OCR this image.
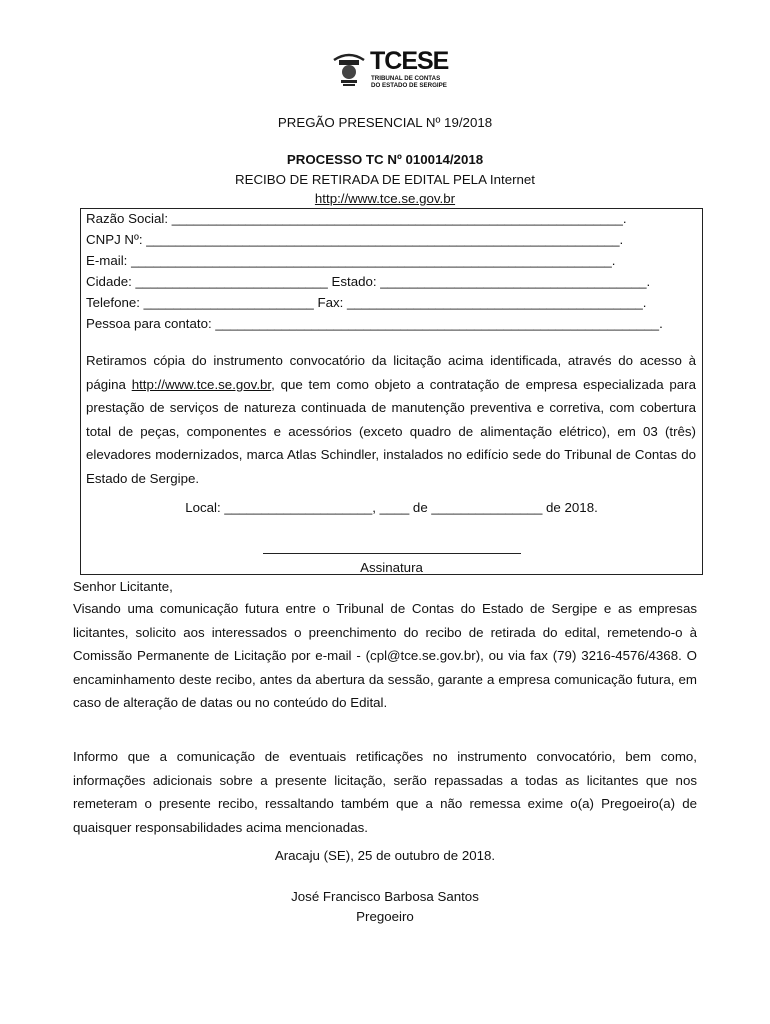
TCESE
TRIBUNAL DE CONTAS
DO ESTADO DE SERGIPE
PREGÃO PRESENCIAL Nº 19/2018
PROCESSO TC Nº 010014/2018
RECIBO DE RETIRADA DE EDITAL PELA Internet
http://www.tce.se.gov.br
Razão Social: _____________________________________________________________.
CNPJ Nº: ________________________________________________________________.
E-mail: _________________________________________________________________.
Cidade: __________________________ Estado: ____________________________________.
Telefone: _______________________ Fax: ________________________________________.
Pessoa para contato: ____________________________________________________________.
Retiramos cópia do instrumento convocatório da licitação acima identificada, através do acesso à página http://www.tce.se.gov.br, que tem como objeto a contratação de empresa especializada para prestação de serviços de natureza continuada de manutenção preventiva e corretiva, com cobertura total de peças, componentes e acessórios (exceto quadro de alimentação elétrico), em 03 (três) elevadores modernizados, marca Atlas Schindler, instalados no edifício sede do Tribunal de Contas do Estado de Sergipe.
Local: ____________________, ____ de _______________ de 2018.
Assinatura
Senhor Licitante,
Visando uma comunicação futura entre o Tribunal de Contas do Estado de Sergipe e as empresas licitantes, solicito aos interessados o preenchimento do recibo de retirada do edital, remetendo-o à Comissão Permanente de Licitação por e-mail - (cpl@tce.se.gov.br), ou via fax (79) 3216-4576/4368. O encaminhamento deste recibo, antes da abertura da sessão, garante a empresa comunicação futura, em caso de alteração de datas ou no conteúdo do Edital.
Informo que a comunicação de eventuais retificações no instrumento convocatório, bem como, informações adicionais sobre a presente licitação, serão repassadas a todas as licitantes que nos remeteram o presente recibo, ressaltando também que a não remessa exime o(a) Pregoeiro(a) de quaisquer responsabilidades acima mencionadas.
Aracaju (SE), 25 de outubro de 2018.
José Francisco Barbosa Santos
Pregoeiro
